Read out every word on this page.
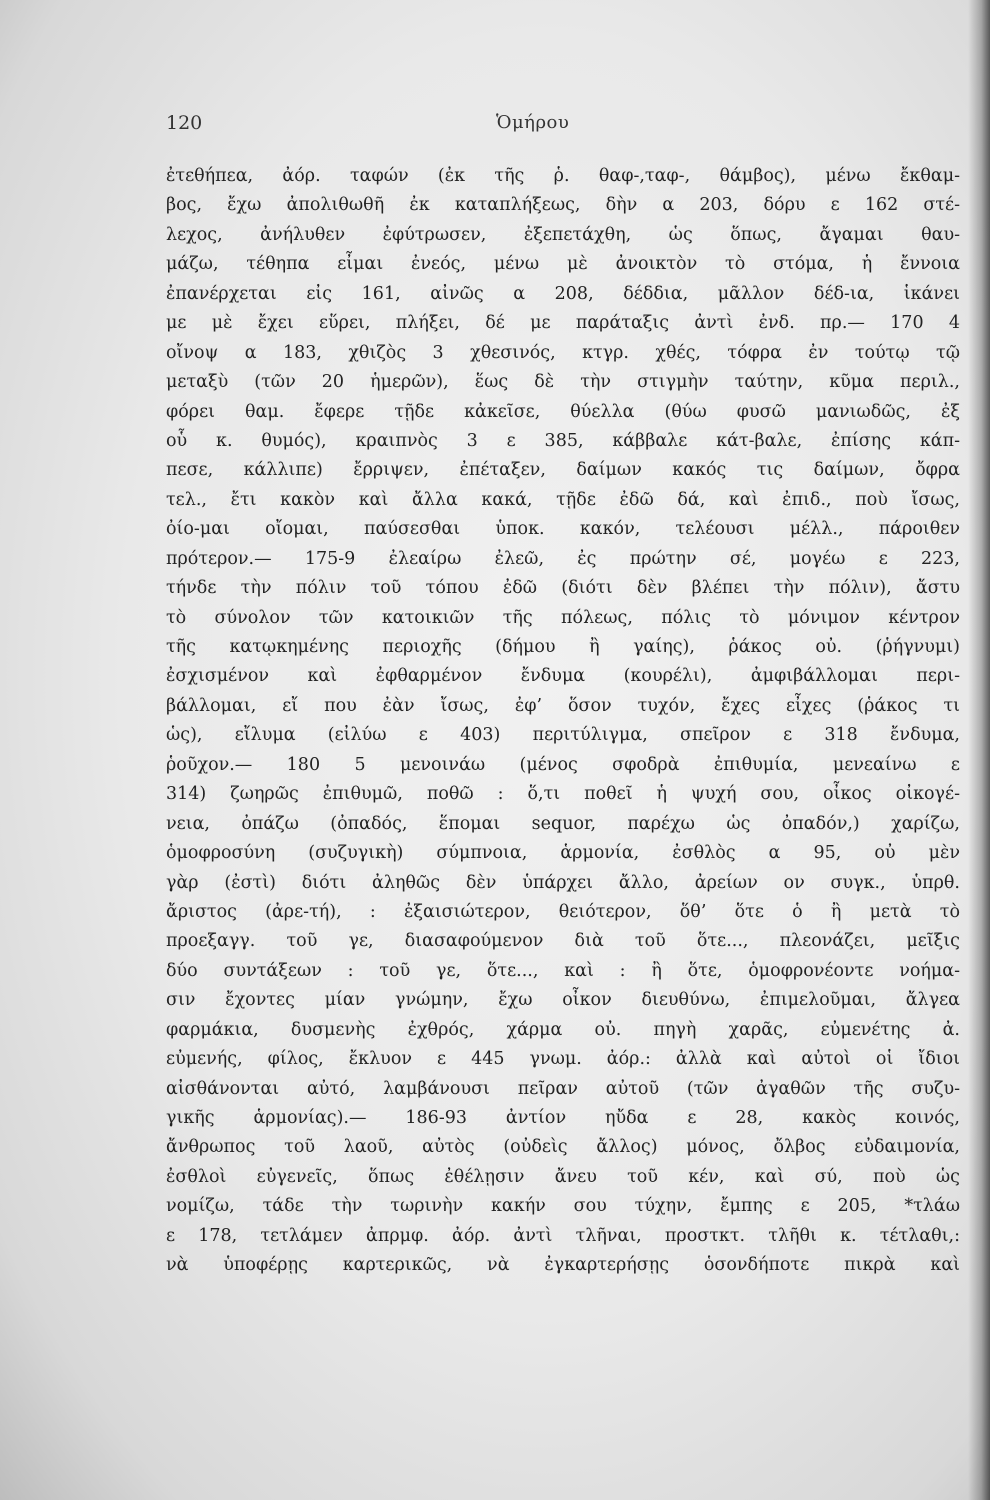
120	Ὁμήρου
ἐτεθήπεα, ἀόρ. ταφών (ἐκ τῆς ῥ. θαφ-,ταφ-, θάμβος), μένω ἔκθαμ-
βος, ἔχω ἀπολιθωθῆ ἐκ καταπλήξεως, δὴν α 203, δόρυ ε 162 στέ-
λεχος, ἀνήλυθεν ἐφύτρωσεν, ἐξεπετάχθη, ὡς ὅπως, ἄγαμαι θαυ-
μάζω, τέθηπα εἶμαι ἐνεός, μένω μὲ ἀνοικτὸν τὸ στόμα, ἡ ἔννοια
ἐπανέρχεται εἰς 161, αἰνῶς α 208, δέδδια, μᾶλλον δέδ-ια, ἱκάνει
με μὲ ἔχει εὕρει, πλήξει, δέ με παράταξις ἀντὶ ἐνδ. πρ.— 170 4
οἴνοψ α 183, χθιζὸς 3 χθεσινός, κτγρ. χθές, τόφρα ἐν τούτῳ τῷ
μεταξὺ (τῶν 20 ἡμερῶν), ἕως δὲ τὴν στιγμὴν ταύτην, κῦμα περιλ.,
φόρει θαμ. ἔφερε τῇδε κἀκεῖσε, θύελλα (θύω φυσῶ μανιωδῶς, ἐξ
οὗ κ. θυμός), κραιπνὸς 3 ε 385, κάββαλε κάτ-βαλε, ἐπίσης κάπ-
πεσε, κάλλιπε) ἔρριψεν, ἐπέταξεν, δαίμων κακός τις δαίμων, ὄφρα
τελ., ἔτι κακὸν καὶ ἄλλα κακά, τῇδε ἐδῶ δά, καὶ ἐπιδ., ποὺ ἴσως,
ὀίο-μαι οἴομαι, παύσεσθαι ὑποκ. κακόν, τελέουσι μέλλ., πάροιθεν
πρότερον.— 175-9 ἐλεαίρω ἐλεῶ, ἐς πρώτην σέ, μογέω ε 223,
τήνδε τὴν πόλιν τοῦ τόπου ἐδῶ (διότι δὲν βλέπει τὴν πόλιν), ἄστυ
τὸ σύνολον τῶν κατοικιῶν τῆς πόλεως, πόλις τὸ μόνιμον κέντρον
τῆς κατῳκημένης περιοχῆς (δήμου ἢ γαίης), ῥάκος οὐ. (ῥήγνυμι)
ἐσχισμένον καὶ ἐφθαρμένον ἔνδυμα (κουρέλι), ἀμφιβάλλομαι περι-
βάλλομαι, εἴ που ἐὰν ἴσως, ἐφ’ ὅσον τυχόν, ἔχες εἶχες (ῥάκος τι
ὡς), εἴλυμα (εἰλύω ε 403) περιτύλιγμα, σπεῖρον ε 318 ἔνδυμα,
ῥοῦχον.— 180 5 μενοινάω (μένος σφοδρὰ ἐπιθυμία, μενεαίνω ε
314) ζωηρῶς ἐπιθυμῶ, ποθῶ : ὅ,τι ποθεῖ ἡ ψυχή σου, οἶκος οἰκογέ-
νεια, ὀπάζω (ὀπαδός, ἕπομαι sequor, παρέχω ὡς ὀπαδόν,) χαρίζω,
ὁμοφροσύνη (συζυγικὴ) σύμπνοια, ἁρμονία, ἐσθλὸς α 95, οὐ μὲν
γὰρ (ἐστὶ) διότι ἀληθῶς δὲν ὑπάρχει ἄλλο, ἀρείων ον συγκ., ὑπρθ.
ἄριστος (ἀρε-τή), : ἐξαισιώτερον, θειότερον, ὅθ’ ὅτε ὁ ἢ μετὰ τὸ
προεξαγγ. τοῦ γε, διασαφούμενον διὰ τοῦ ὅτε..., πλεονάζει, μεῖξις
δύο συντάξεων : τοῦ γε, ὅτε..., καὶ : ἢ ὅτε, ὁμοφρονέοντε νοήμα-
σιν ἔχοντες μίαν γνώμην, ἔχω οἶκον διευθύνω, ἐπιμελοῦμαι, ἄλγεα
φαρμάκια, δυσμενὴς ἐχθρός, χάρμα οὐ. πηγὴ χαρᾶς, εὐμενέτης ἀ.
εὐμενής, φίλος, ἔκλυον ε 445 γνωμ. ἀόρ.: ἀλλὰ καὶ αὐτοὶ οἱ ἴδιοι
αἰσθάνονται αὐτό, λαμβάνουσι πεῖραν αὐτοῦ (τῶν ἀγαθῶν τῆς συζυ-
γικῆς ἁρμονίας).— 186-93 ἀντίον ηὔδα ε 28, κακὸς κοινός,
ἄνθρωπος τοῦ λαοῦ, αὐτὸς (οὐδεὶς ἄλλος) μόνος, ὄλβος εὐδαιμονία,
ἐσθλοὶ εὐγενεῖς, ὅπως ἐθέλῃσιν ἄνευ τοῦ κέν, καὶ σύ, ποὺ ὡς
νομίζω, τάδε τὴν τωρινὴν κακήν σου τύχην, ἔμπης ε 205, *τλάω
ε 178, τετλάμεν ἀπρμφ. ἀόρ. ἀντὶ τλῆναι, προστκτ. τλῆθι κ. τέτλαθι,:
νὰ ὑποφέρῃς καρτερικῶς, νὰ ἐγκαρτερήσῃς ὁσονδήποτε πικρὰ καὶ
